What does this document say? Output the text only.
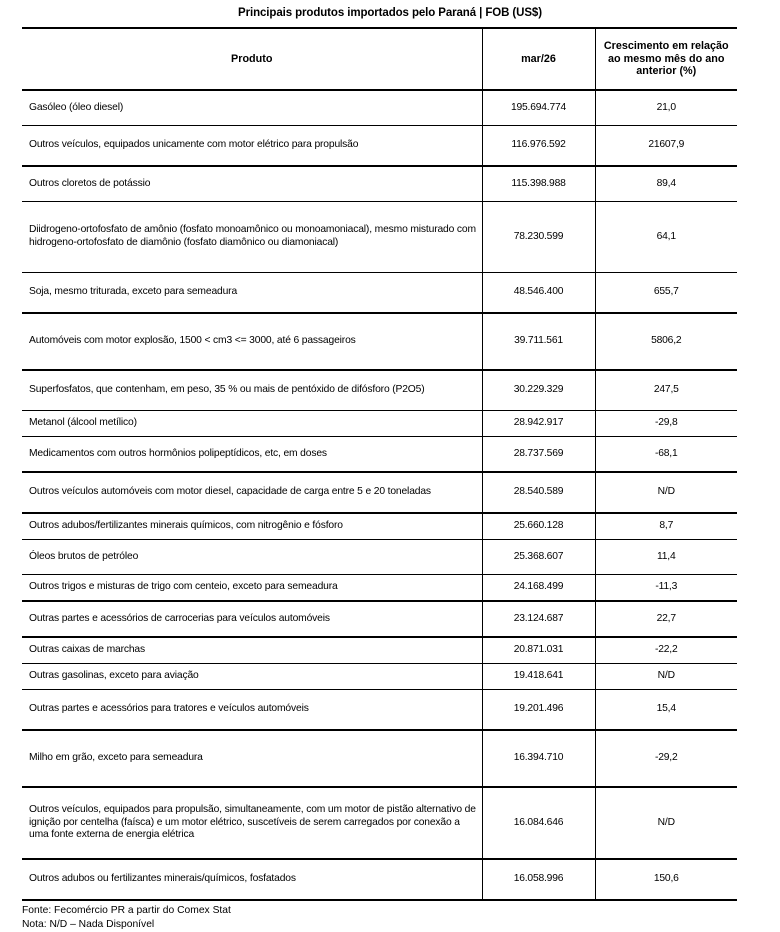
Principais produtos importados pelo Paraná | FOB (US$)
Produto	mar/26	Crescimento em relação ao mesmo mês do ano anterior (%)
Gasóleo (óleo diesel)	195.694.774	21,0
Outros veículos, equipados unicamente com motor elétrico para propulsão	116.976.592	21607,9
Outros cloretos de potássio	115.398.988	89,4
Diidrogeno-ortofosfato de amônio (fosfato monoamônico ou monoamoniacal), mesmo misturado com hidrogeno-ortofosfato de diamônio (fosfato diamônico ou diamoniacal)	78.230.599	64,1
Soja, mesmo triturada, exceto para semeadura	48.546.400	655,7
Automóveis com motor explosão, 1500 < cm3 <= 3000, até 6 passageiros	39.711.561	5806,2
Superfosfatos, que contenham, em peso, 35 % ou mais de pentóxido de difósforo (P2O5)	30.229.329	247,5
Metanol (álcool metílico)	28.942.917	-29,8
Medicamentos com outros hormônios polipeptídicos, etc, em doses	28.737.569	-68,1
Outros veículos automóveis com motor diesel, capacidade de carga entre 5 e 20 toneladas	28.540.589	N/D
Outros adubos/fertilizantes minerais químicos, com nitrogênio e fósforo	25.660.128	8,7
Óleos brutos de petróleo	25.368.607	11,4
Outros trigos e misturas de trigo com centeio, exceto para semeadura	24.168.499	-11,3
Outras partes e acessórios de carrocerias para veículos automóveis	23.124.687	22,7
Outras caixas de marchas	20.871.031	-22,2
Outras gasolinas, exceto para aviação	19.418.641	N/D
Outras partes e acessórios para tratores e veículos automóveis	19.201.496	15,4
Milho em grão, exceto para semeadura	16.394.710	-29,2
Outros veículos, equipados para propulsão, simultaneamente, com um motor de pistão alternativo de ignição por centelha (faísca) e um motor elétrico, suscetíveis de serem carregados por conexão a uma fonte externa de energia elétrica	16.084.646	N/D
Outros adubos ou fertilizantes minerais/químicos, fosfatados	16.058.996	150,6
Fonte: Fecomércio PR a partir do Comex Stat
Nota: N/D – Nada Disponível
